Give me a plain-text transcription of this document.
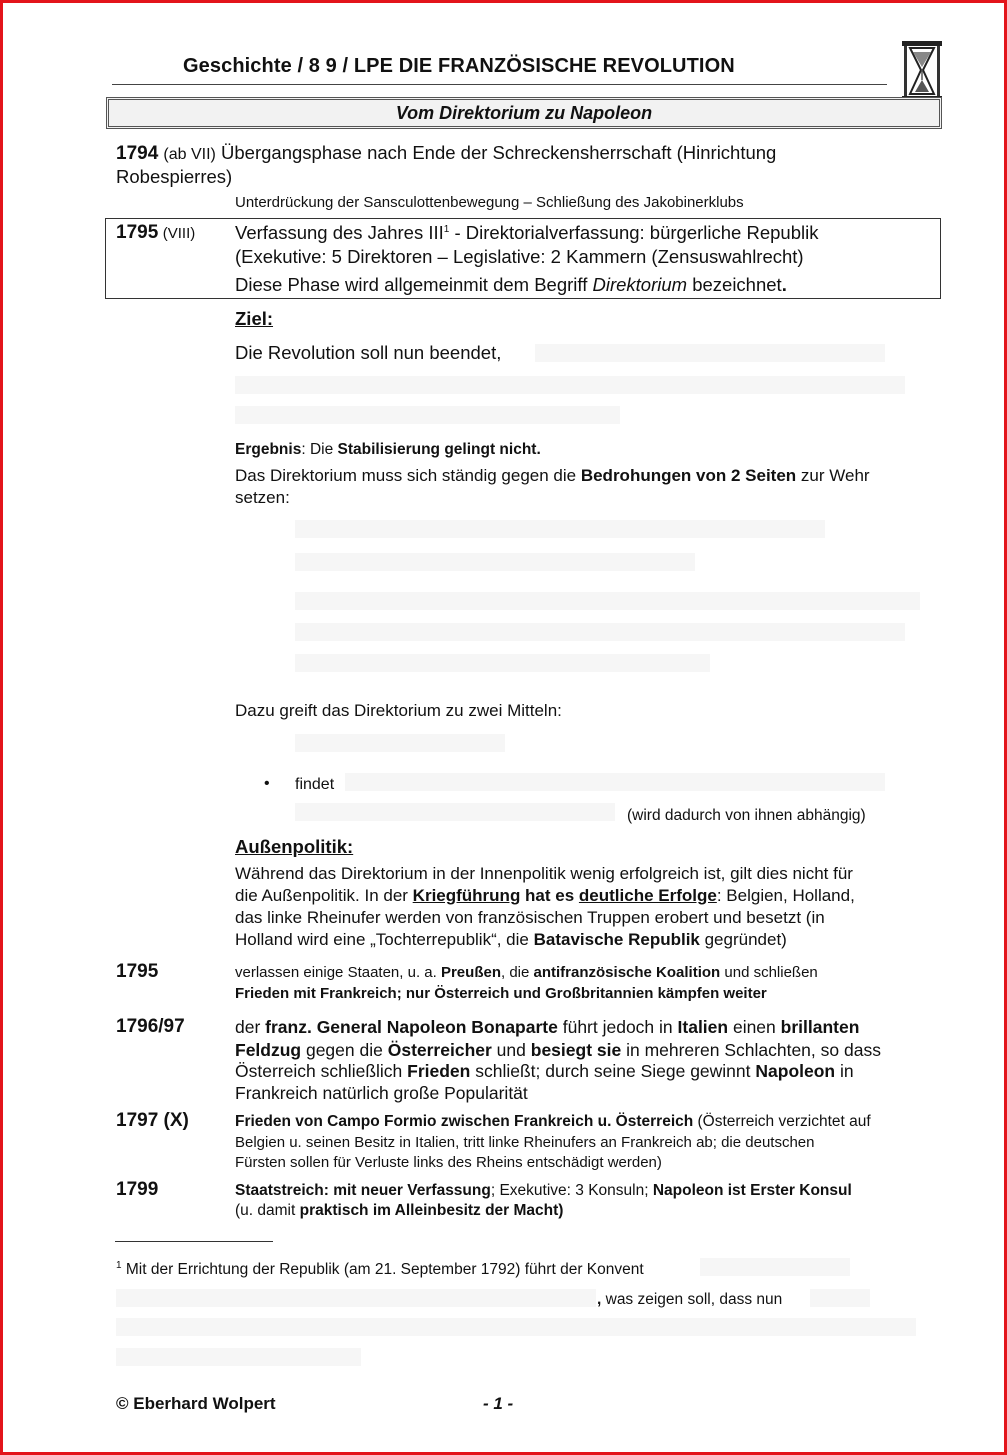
Geschichte / 8 9 / LPE DIE FRANZÖSISCHE REVOLUTION
Vom Direktorium zu Napoleon
1794 (ab VII) Übergangsphase nach Ende der Schreckensherrschaft (Hinrichtung
Robespierres)
Unterdrückung der Sansculottenbewegung – Schließung des Jakobinerklubs
1795 (VIII) Verfassung des Jahres III$^1$ - Direktorialverfassung: bürgerliche Republik
(Exekutive: 5 Direktoren – Legislative: 2 Kammern (Zensuswahlrecht)
Diese Phase wird allgemeinmit dem Begriff Direktorium bezeichnet.
Ziel:
Die Revolution soll nun beendet,
Ergebnis: Die Stabilisierung gelingt nicht.
Das Direktorium muss sich ständig gegen die Bedrohungen von 2 Seiten zur Wehr
setzen:
Dazu greift das Direktorium zu zwei Mitteln:
• findet
(wird dadurch von ihnen abhängig)
Außenpolitik:
Während das Direktorium in der Innenpolitik wenig erfolgreich ist, gilt dies nicht für
die Außenpolitik. In der Kriegführung hat es deutliche Erfolge: Belgien, Holland,
das linke Rheinufer werden von französischen Truppen erobert und besetzt (in
Holland wird eine „Tochterrepublik“, die Batavische Republik gegründet)
1795	verlassen einige Staaten, u. a. Preußen, die antifranzösische Koalition und schließen
Frieden mit Frankreich; nur Österreich und Großbritannien kämpfen weiter
1796/97	der franz. General Napoleon Bonaparte führt jedoch in Italien einen brillanten
Feldzug gegen die Österreicher und besiegt sie in mehreren Schlachten, so dass
Österreich schließlich Frieden schließt; durch seine Siege gewinnt Napoleon in
Frankreich natürlich große Popularität
1797 (X)	Frieden von Campo Formio zwischen Frankreich u. Österreich (Österreich verzichtet auf
Belgien u. seinen Besitz in Italien, tritt linke Rheinufers an Frankreich ab; die deutschen
Fürsten sollen für Verluste links des Rheins entschädigt werden)
1799	Staatstreich: mit neuer Verfassung; Exekutive: 3 Konsuln; Napoleon ist Erster Konsul
(u. damit praktisch im Alleinbesitz der Macht)
$^1$ Mit der Errichtung der Republik (am 21. September 1792) führt der Konvent
, was zeigen soll, dass nun
© Eberhard Wolpert	- 1 -
